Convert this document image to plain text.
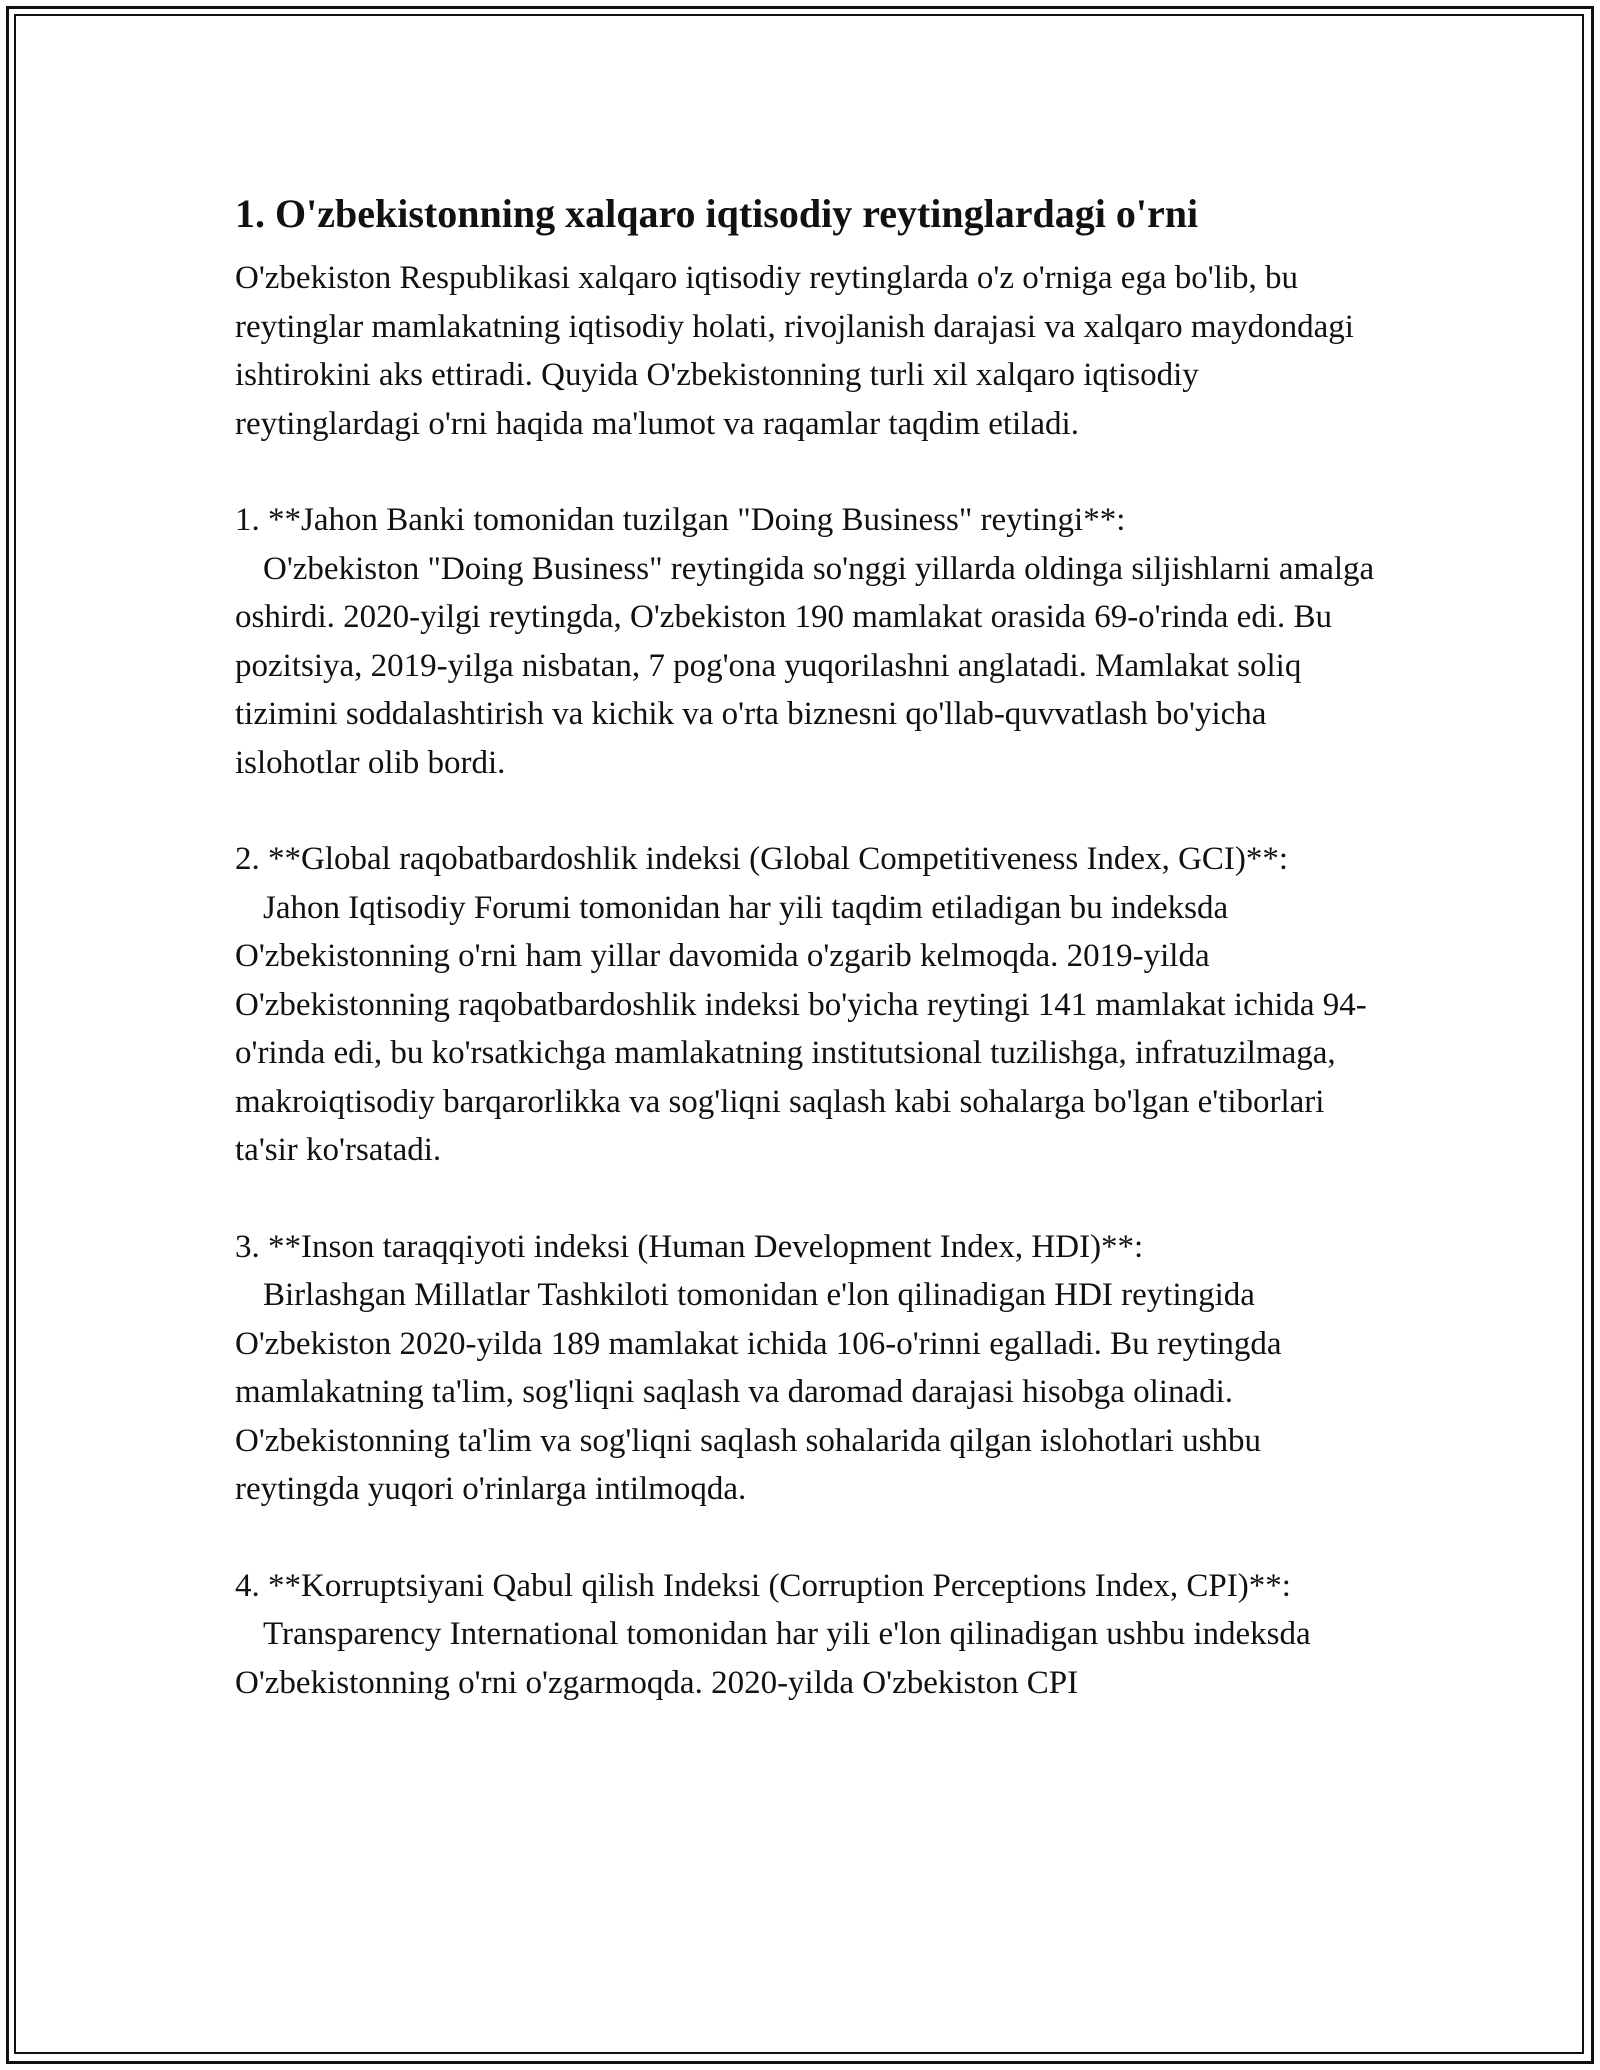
1. O'zbekistonning xalqaro iqtisodiy reytinglardagi o'rni

O'zbekiston Respublikasi xalqaro iqtisodiy reytinglarda o'z o'rniga ega bo'lib, bu reytinglar mamlakatning iqtisodiy holati, rivojlanish darajasi va xalqaro maydondagi ishtirokini aks ettiradi. Quyida O'zbekistonning turli xil xalqaro iqtisodiy reytinglardagi o'rni haqida ma'lumot va raqamlar taqdim etiladi.

1. **Jahon Banki tomonidan tuzilgan "Doing Business" reytingi**:
O'zbekiston "Doing Business" reytingida so'nggi yillarda oldinga siljishlarni amalga oshirdi. 2020-yilgi reytingda, O'zbekiston 190 mamlakat orasida 69-o'rinda edi. Bu pozitsiya, 2019-yilga nisbatan, 7 pog'ona yuqorilashni anglatadi. Mamlakat soliq tizimini soddalashtirish va kichik va o'rta biznesni qo'llab-quvvatlash bo'yicha islohotlar olib bordi.
2. **Global raqobatbardoshlik indeksi (Global Competitiveness Index, GCI)**:
Jahon Iqtisodiy Forumi tomonidan har yili taqdim etiladigan bu indeksda O'zbekistonning o'rni ham yillar davomida o'zgarib kelmoqda. 2019-yilda O'zbekistonning raqobatbardoshlik indeksi bo'yicha reytingi 141 mamlakat ichida 94-o'rinda edi, bu ko'rsatkichga mamlakatning institutsional tuzilishga, infratuzilmaga, makroiqtisodiy barqarorlikka va sog'liqni saqlash kabi sohalarga bo'lgan e'tiborlari ta'sir ko'rsatadi.
3. **Inson taraqqiyoti indeksi (Human Development Index, HDI)**:
Birlashgan Millatlar Tashkiloti tomonidan e'lon qilinadigan HDI reytingida O'zbekiston 2020-yilda 189 mamlakat ichida 106-o'rinni egalladi. Bu reytingda mamlakatning ta'lim, sog'liqni saqlash va daromad darajasi hisobga olinadi. O'zbekistonning ta'lim va sog'liqni saqlash sohalarida qilgan islohotlari ushbu reytingda yuqori o'rinlarga intilmoqda.
4. **Korruptsiyani Qabul qilish Indeksi (Corruption Perceptions Index, CPI)**:
Transparency International tomonidan har yili e'lon qilinadigan ushbu indeksda O'zbekistonning o'rni o'zgarmoqda. 2020-yilda O'zbekiston CPI
